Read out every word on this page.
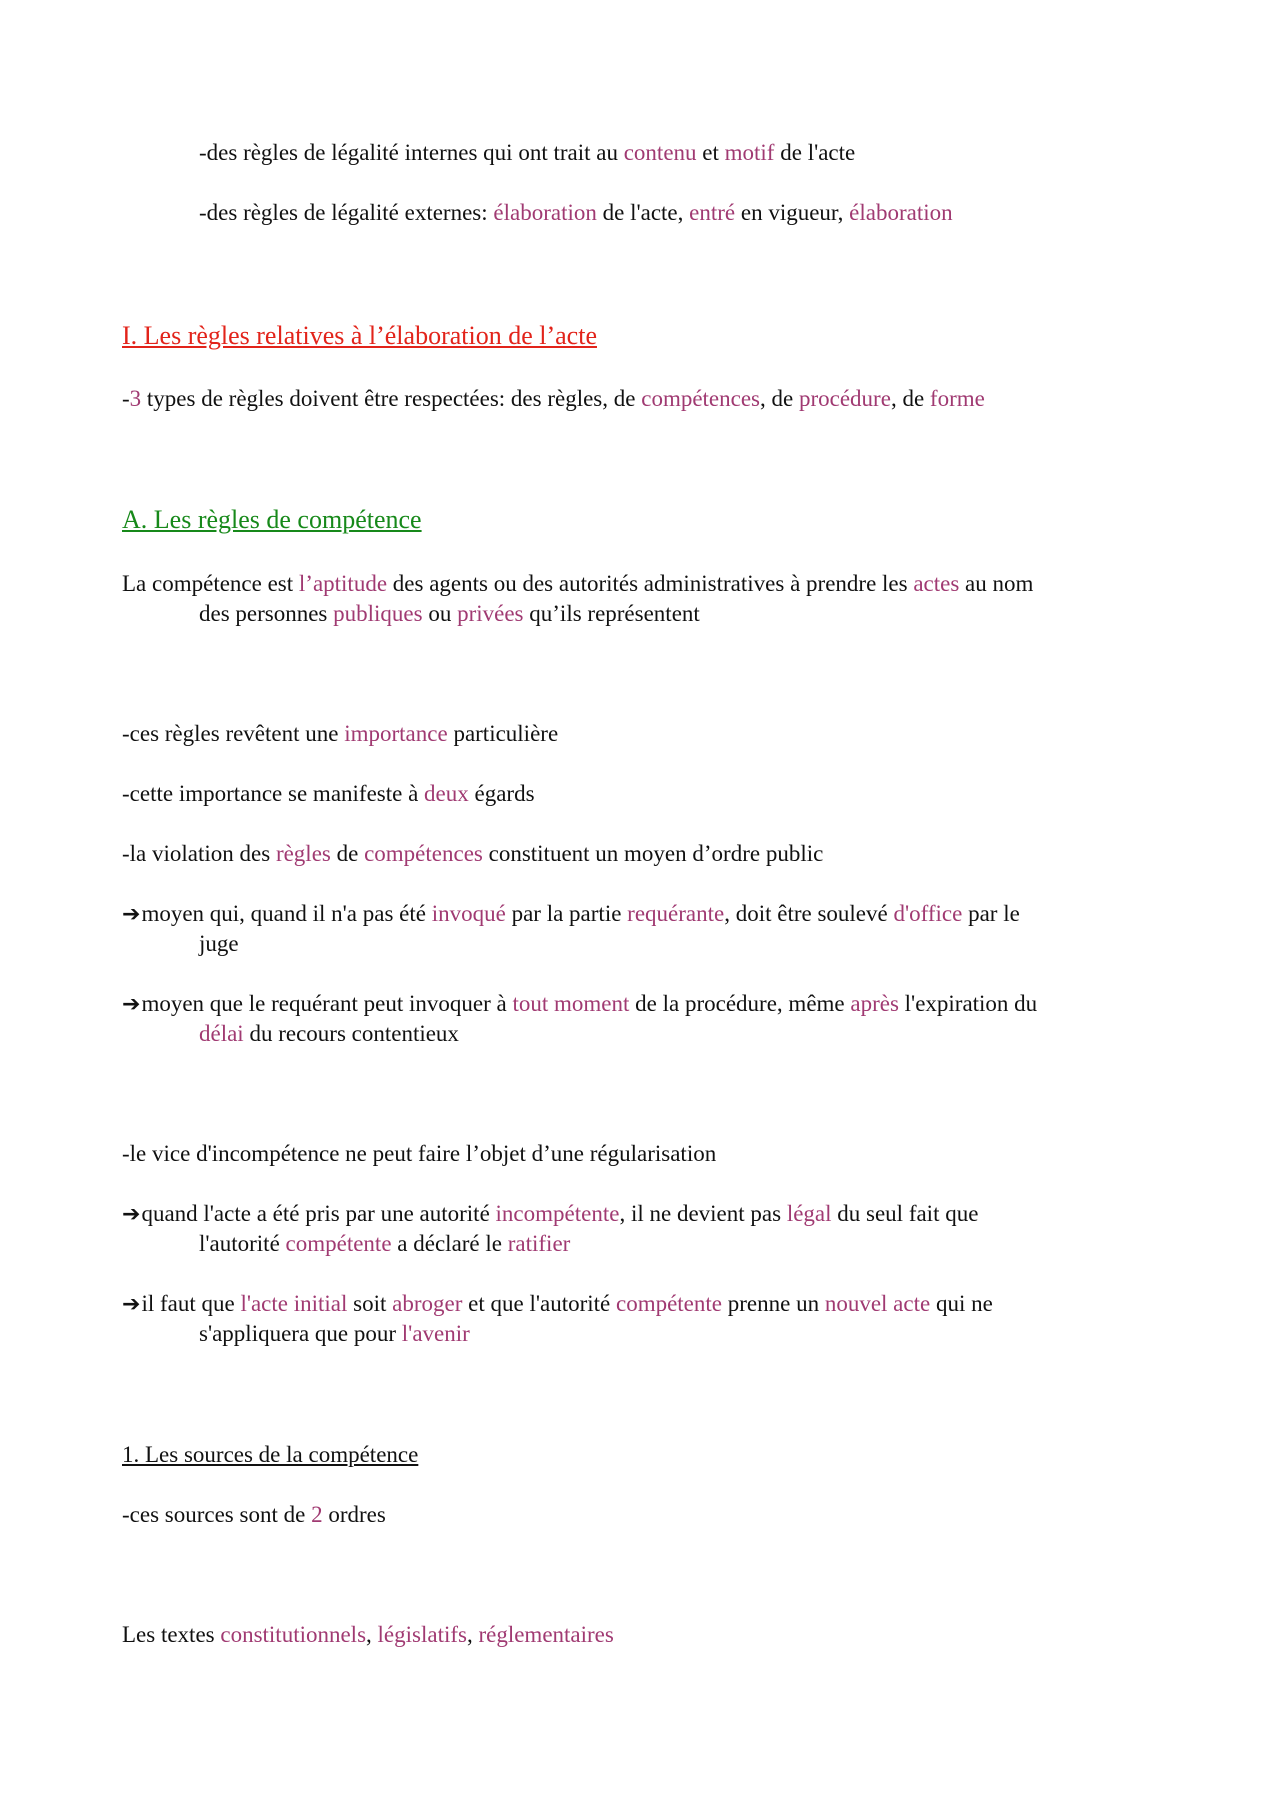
-des règles de légalité internes qui ont trait au contenu et motif de l'acte

-des règles de légalité externes: élaboration de l'acte, entré en vigueur, élaboration

I. Les règles relatives à l’élaboration de l’acte

-3 types de règles doivent être respectées: des règles, de compétences, de procédure, de forme

A. Les règles de compétence

La compétence est l’aptitude des agents ou des autorités administratives à prendre les actes au nom

des personnes publiques ou privées qu’ils représentent

-ces règles revêtent une importance particulière

-cette importance se manifeste à deux égards

-la violation des règles de compétences constituent un moyen d’ordre public

➔moyen qui, quand il n'a pas été invoqué par la partie requérante, doit être soulevé d'office par le

juge

➔moyen que le requérant peut invoquer à tout moment de la procédure, même après l'expiration du

délai du recours contentieux

-le vice d'incompétence ne peut faire l’objet d’une régularisation

➔quand l'acte a été pris par une autorité incompétente, il ne devient pas légal du seul fait que

l'autorité compétente a déclaré le ratifier

➔il faut que l'acte initial soit abroger et que l'autorité compétente prenne un nouvel acte qui ne

s'appliquera que pour l'avenir

1. Les sources de la compétence

-ces sources sont de 2 ordres

Les textes constitutionnels, législatifs, réglementaires
